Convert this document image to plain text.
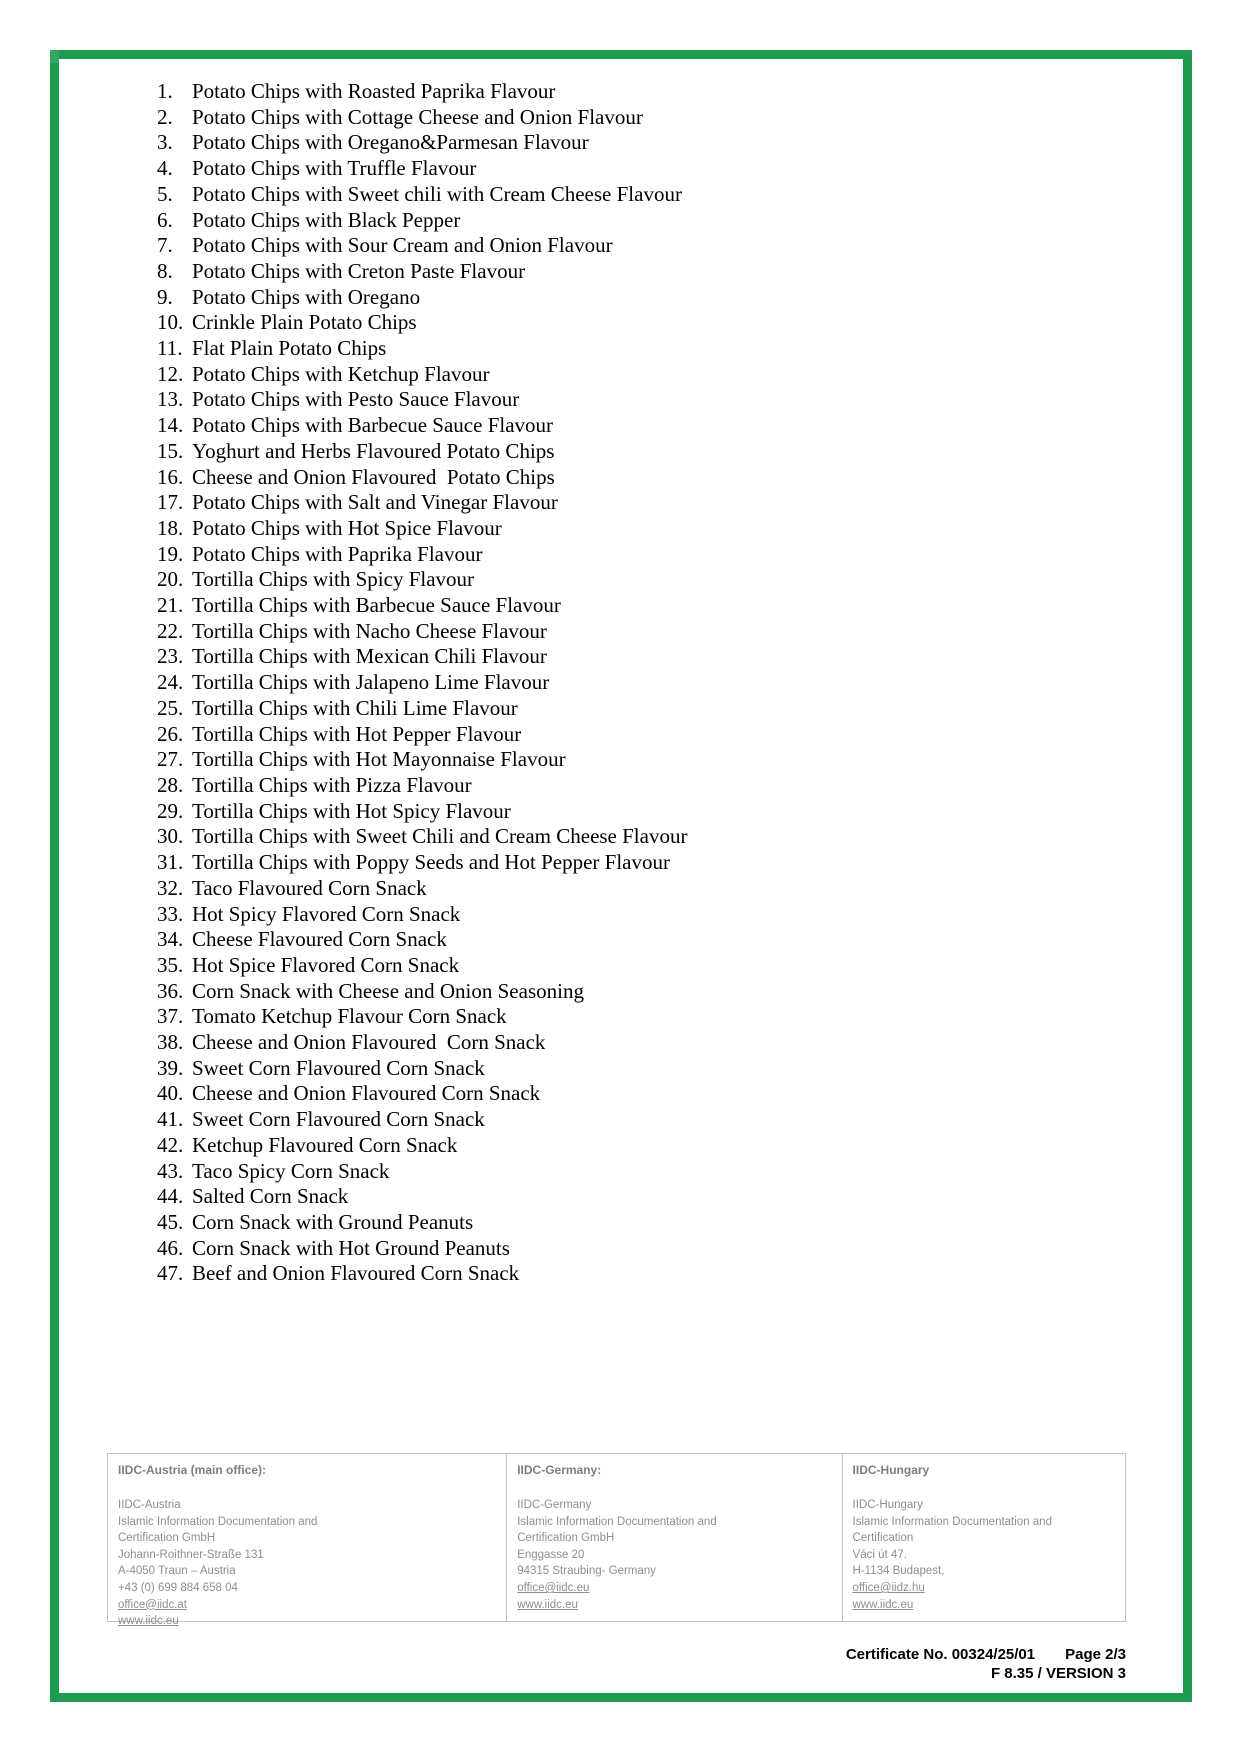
1. Potato Chips with Roasted Paprika Flavour
2. Potato Chips with Cottage Cheese and Onion Flavour
3. Potato Chips with Oregano&Parmesan Flavour
4. Potato Chips with Truffle Flavour
5. Potato Chips with Sweet chili with Cream Cheese Flavour
6. Potato Chips with Black Pepper
7. Potato Chips with Sour Cream and Onion Flavour
8. Potato Chips with Creton Paste Flavour
9. Potato Chips with Oregano
10. Crinkle Plain Potato Chips
11. Flat Plain Potato Chips
12. Potato Chips with Ketchup Flavour
13. Potato Chips with Pesto Sauce Flavour
14. Potato Chips with Barbecue Sauce Flavour
15. Yoghurt and Herbs Flavoured Potato Chips
16. Cheese and Onion Flavoured  Potato Chips
17. Potato Chips with Salt and Vinegar Flavour
18. Potato Chips with Hot Spice Flavour
19. Potato Chips with Paprika Flavour
20. Tortilla Chips with Spicy Flavour
21. Tortilla Chips with Barbecue Sauce Flavour
22. Tortilla Chips with Nacho Cheese Flavour
23. Tortilla Chips with Mexican Chili Flavour
24. Tortilla Chips with Jalapeno Lime Flavour
25. Tortilla Chips with Chili Lime Flavour
26. Tortilla Chips with Hot Pepper Flavour
27. Tortilla Chips with Hot Mayonnaise Flavour
28. Tortilla Chips with Pizza Flavour
29. Tortilla Chips with Hot Spicy Flavour
30. Tortilla Chips with Sweet Chili and Cream Cheese Flavour
31. Tortilla Chips with Poppy Seeds and Hot Pepper Flavour
32. Taco Flavoured Corn Snack
33. Hot Spicy Flavored Corn Snack
34. Cheese Flavoured Corn Snack
35. Hot Spice Flavored Corn Snack
36. Corn Snack with Cheese and Onion Seasoning
37. Tomato Ketchup Flavour Corn Snack
38. Cheese and Onion Flavoured  Corn Snack
39. Sweet Corn Flavoured Corn Snack
40. Cheese and Onion Flavoured Corn Snack
41. Sweet Corn Flavoured Corn Snack
42. Ketchup Flavoured Corn Snack
43. Taco Spicy Corn Snack
44. Salted Corn Snack
45. Corn Snack with Ground Peanuts
46. Corn Snack with Hot Ground Peanuts
47. Beef and Onion Flavoured Corn Snack
IIDC-Austria (main office):
IIDC-Austria
Islamic Information Documentation and
Certification GmbH
Johann-Roithner-Straße 131
A-4050 Traun – Austria
+43 (0) 699 884 658 04
office@iidc.at
www.iidc.eu
IIDC-Germany:
IIDC-Germany
Islamic Information Documentation and
Certification GmbH
Enggasse 20
94315 Straubing- Germany
office@iidc.eu
www.iidc.eu
IIDC-Hungary
IIDC-Hungary
Islamic Information Documentation and
Certification
Váci út 47.
H-1134 Budapest,
office@iidz.hu
www.iidc.eu
Certificate No. 00324/25/01 Page 2/3
F 8.35 / VERSION 3
